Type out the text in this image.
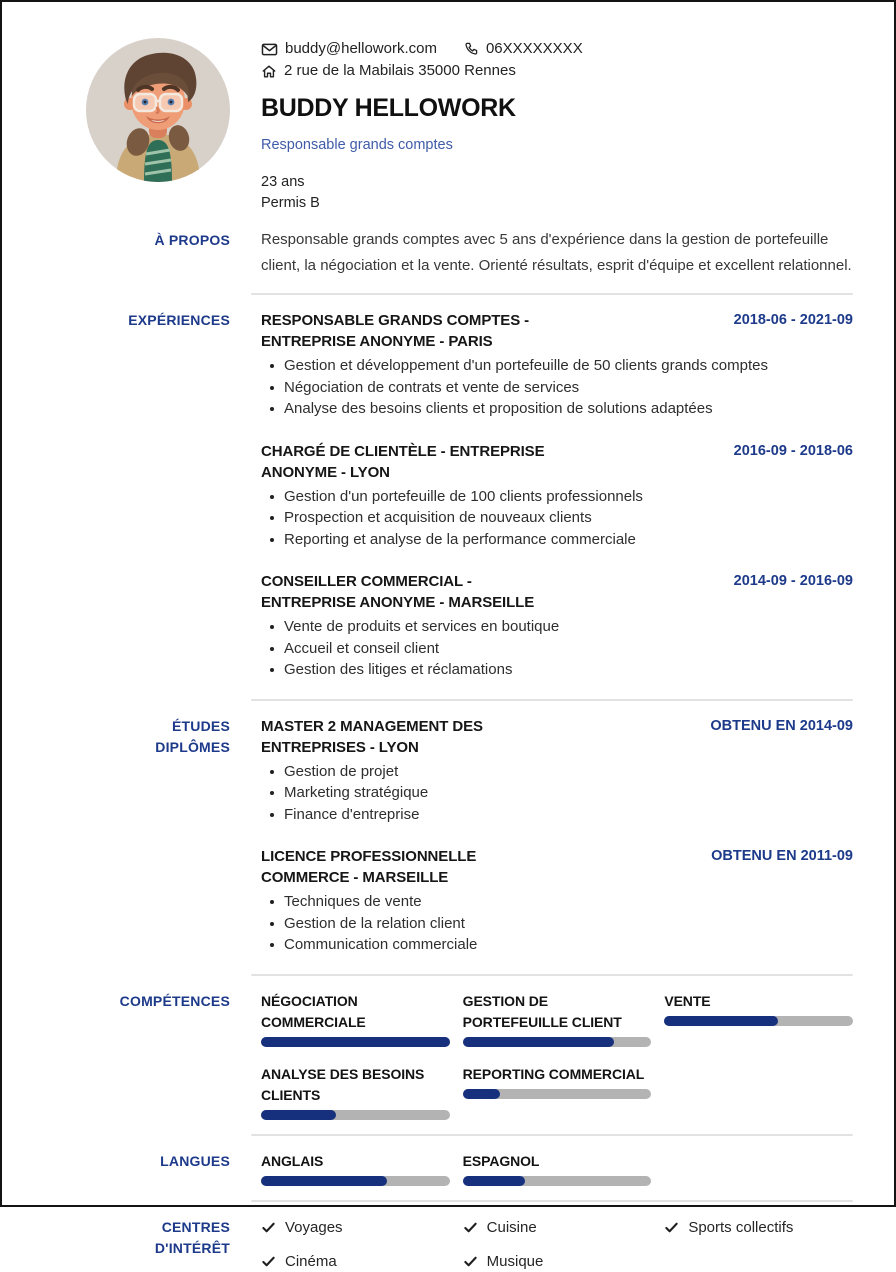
buddy@hellowork.com	06XXXXXXXX
2 rue de la Mabilais 35000 Rennes
BUDDY HELLOWORK
Responsable grands comptes
23 ans
Permis B
À PROPOS Responsable grands comptes avec 5 ans d'expérience dans la gestion de portefeuille client, la négociation et la vente. Orienté résultats, esprit d'équipe et excellent relationnel.
EXPÉRIENCES RESPONSABLE GRANDS COMPTES - ENTREPRISE ANONYME - PARIS
2018-06 - 2021-09
Gestion et développement d'un portefeuille de 50 clients grands comptes
Négociation de contrats et vente de services
Analyse des besoins clients et proposition de solutions adaptées
CHARGÉ DE CLIENTÈLE - ENTREPRISE ANONYME - LYON
2016-09 - 2018-06
Gestion d'un portefeuille de 100 clients professionnels
Prospection et acquisition de nouveaux clients
Reporting et analyse de la performance commerciale
CONSEILLER COMMERCIAL - ENTREPRISE ANONYME - MARSEILLE
2014-09 - 2016-09
Vente de produits et services en boutique
Accueil et conseil client
Gestion des litiges et réclamations
ÉTUDES
DIPLÔMES
MASTER 2 MANAGEMENT DES ENTREPRISES - LYON
OBTENU EN 2014-09
Gestion de projet
Marketing stratégique
Finance d'entreprise
LICENCE PROFESSIONNELLE COMMERCE - MARSEILLE
OBTENU EN 2011-09
Techniques de vente
Gestion de la relation client
Communication commerciale
COMPÉTENCES NÉGOCIATION COMMERCIALE
GESTION DE PORTEFEUILLE CLIENT
VENTE
ANALYSE DES BESOINS CLIENTS
REPORTING COMMERCIAL
LANGUES ANGLAIS	ESPAGNOL
CENTRES
D'INTÉRÊT
Voyages	Cuisine	Sports collectifs
Cinéma	Musique
